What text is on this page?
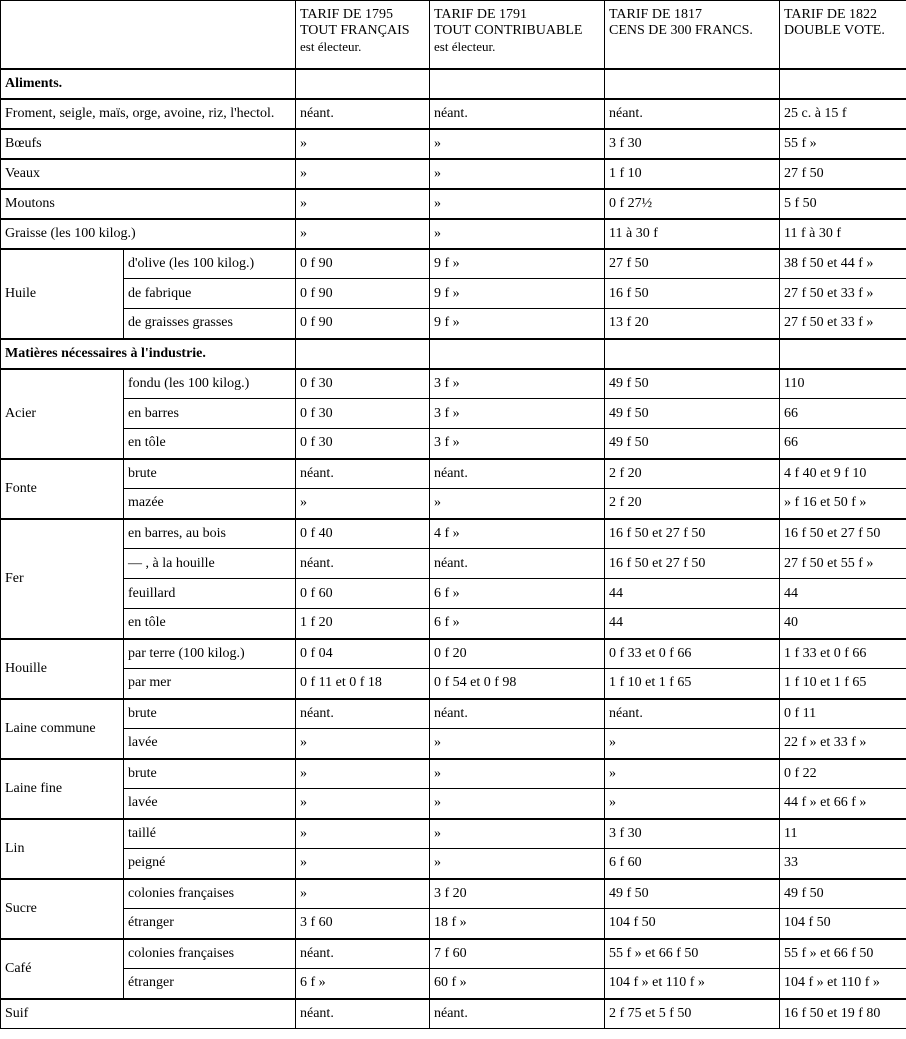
		TARIF DE 1795
TOUT FRANÇAIS
est électeur.	TARIF DE 1791
TOUT CONTRIBUABLE
est électeur.	TARIF DE 1817
CENS DE 300 FRANCS.	TARIF DE 1822
DOUBLE VOTE.

Aliments.					
Froment, seigle, maïs, orge, avoine, riz, l'hectol.		néant.	néant.	néant.	25 c. à 15 f
Bœufs		»	»	3 f 30	55 f »
Veaux		»	»	1 f 10	27 f 50
Moutons		»	»	0 f 27½	5 f 50
Graisse (les 100 kilog.)		»	»	11 à 30 f	11 f à 30 f
Huile	d'olive (les 100 kilog.)	0 f 90	9 f »	27 f 50	38 f 50 et 44 f »
	de fabrique	0 f 90	9 f »	16 f 50	27 f 50 et 33 f »
	de graisses grasses	0 f 90	9 f »	13 f 20	27 f 50 et 33 f »
Matières nécessaires à l'industrie.					
Acier	fondu (les 100 kilog.)	0 f 30	3 f »	49 f 50	110
	en barres	0 f 30	3 f »	49 f 50	66
	en tôle	0 f 30	3 f »	49 f 50	66
Fonte	brute	néant.	néant.	2 f 20	4 f 40 et 9 f 10
	mazée	»	»	2 f 20	» f 16 et 50 f »
Fer	en barres, au bois	0 f 40	4 f »	16 f 50 et 27 f 50	16 f 50 et 27 f 50
	— , à la houille	néant.	néant.	16 f 50 et 27 f 50	27 f 50 et 55 f »
	feuillard	0 f 60	6 f »	44	44
	en tôle	1 f 20	6 f »	44	40
Houille	par terre (100 kilog.)	0 f 04	0 f 20	0 f 33 et 0 f 66	1 f 33 et 0 f 66
	par mer	0 f 11 et 0 f 18	0 f 54 et 0 f 98	1 f 10 et 1 f 65	1 f 10 et 1 f 65
Laine commune	brute	néant.	néant.	néant.	0 f 11
	lavée	»	»	»	22 f » et 33 f »
Laine fine	brute	»	»	»	0 f 22
	lavée	»	»	»	44 f » et 66 f »
Lin	taillé	»	»	3 f 30	11
	peigné	»	»	6 f 60	33
Sucre	colonies françaises	»	3 f 20	49 f 50	49 f 50
	étranger	3 f 60	18 f »	104 f 50	104 f 50
Café	colonies françaises	néant.	7 f 60	55 f » et 66 f 50	55 f » et 66 f 50
	étranger	6 f »	60 f »	104 f » et 110 f »	104 f » et 110 f »
Suif		néant.	néant.	2 f 75 et 5 f 50	16 f 50 et 19 f 80
